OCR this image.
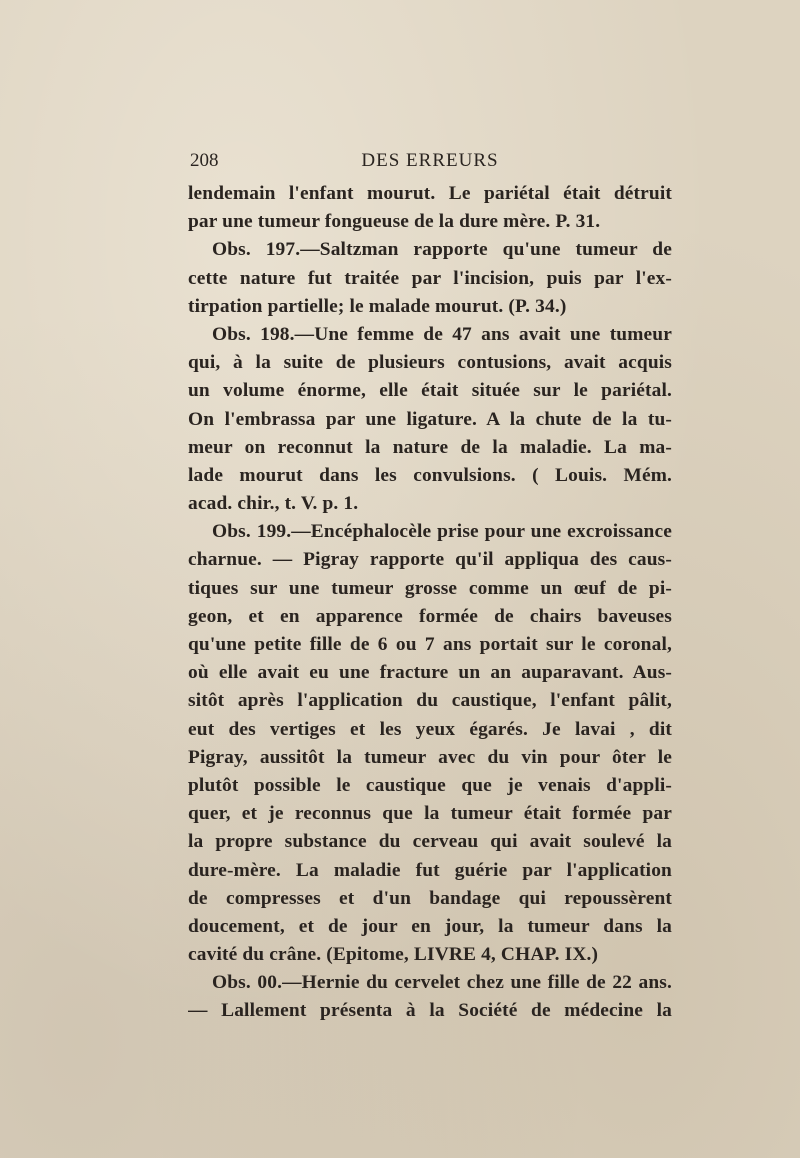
208	DES ERREURS
lendemain l'enfant mourut. Le pariétal était détruit
par une tumeur fongueuse de la dure mère. P. 31.
Obs. 197.—Saltzman rapporte qu'une tumeur de
cette nature fut traitée par l'incision, puis par l'ex-
tirpation partielle; le malade mourut. (P. 34.)
Obs. 198.—Une femme de 47 ans avait une tumeur
qui, à la suite de plusieurs contusions, avait acquis
un volume énorme, elle était située sur le pariétal.
On l'embrassa par une ligature. A la chute de la tu-
meur on reconnut la nature de la maladie. La ma-
lade mourut dans les convulsions. ( Louis. Mém.
acad. chir., t. V. p. 1.
Obs. 199.—Encéphalocèle prise pour une excroissance
charnue. — Pigray rapporte qu'il appliqua des caus-
tiques sur une tumeur grosse comme un œuf de pi-
geon, et en apparence formée de chairs baveuses
qu'une petite fille de 6 ou 7 ans portait sur le coronal,
où elle avait eu une fracture un an auparavant. Aus-
sitôt après l'application du caustique, l'enfant pâlit,
eut des vertiges et les yeux égarés. Je lavai , dit
Pigray, aussitôt la tumeur avec du vin pour ôter le
plutôt possible le caustique que je venais d'appli-
quer, et je reconnus que la tumeur était formée par
la propre substance du cerveau qui avait soulevé la
dure-mère. La maladie fut guérie par l'application
de compresses et d'un bandage qui repoussèrent
doucement, et de jour en jour, la tumeur dans la
cavité du crâne. (Epitome, LIVRE 4, CHAP. IX.)
Obs. 00.—Hernie du cervelet chez une fille de 22 ans.
— Lallement présenta à la Société de médecine la
